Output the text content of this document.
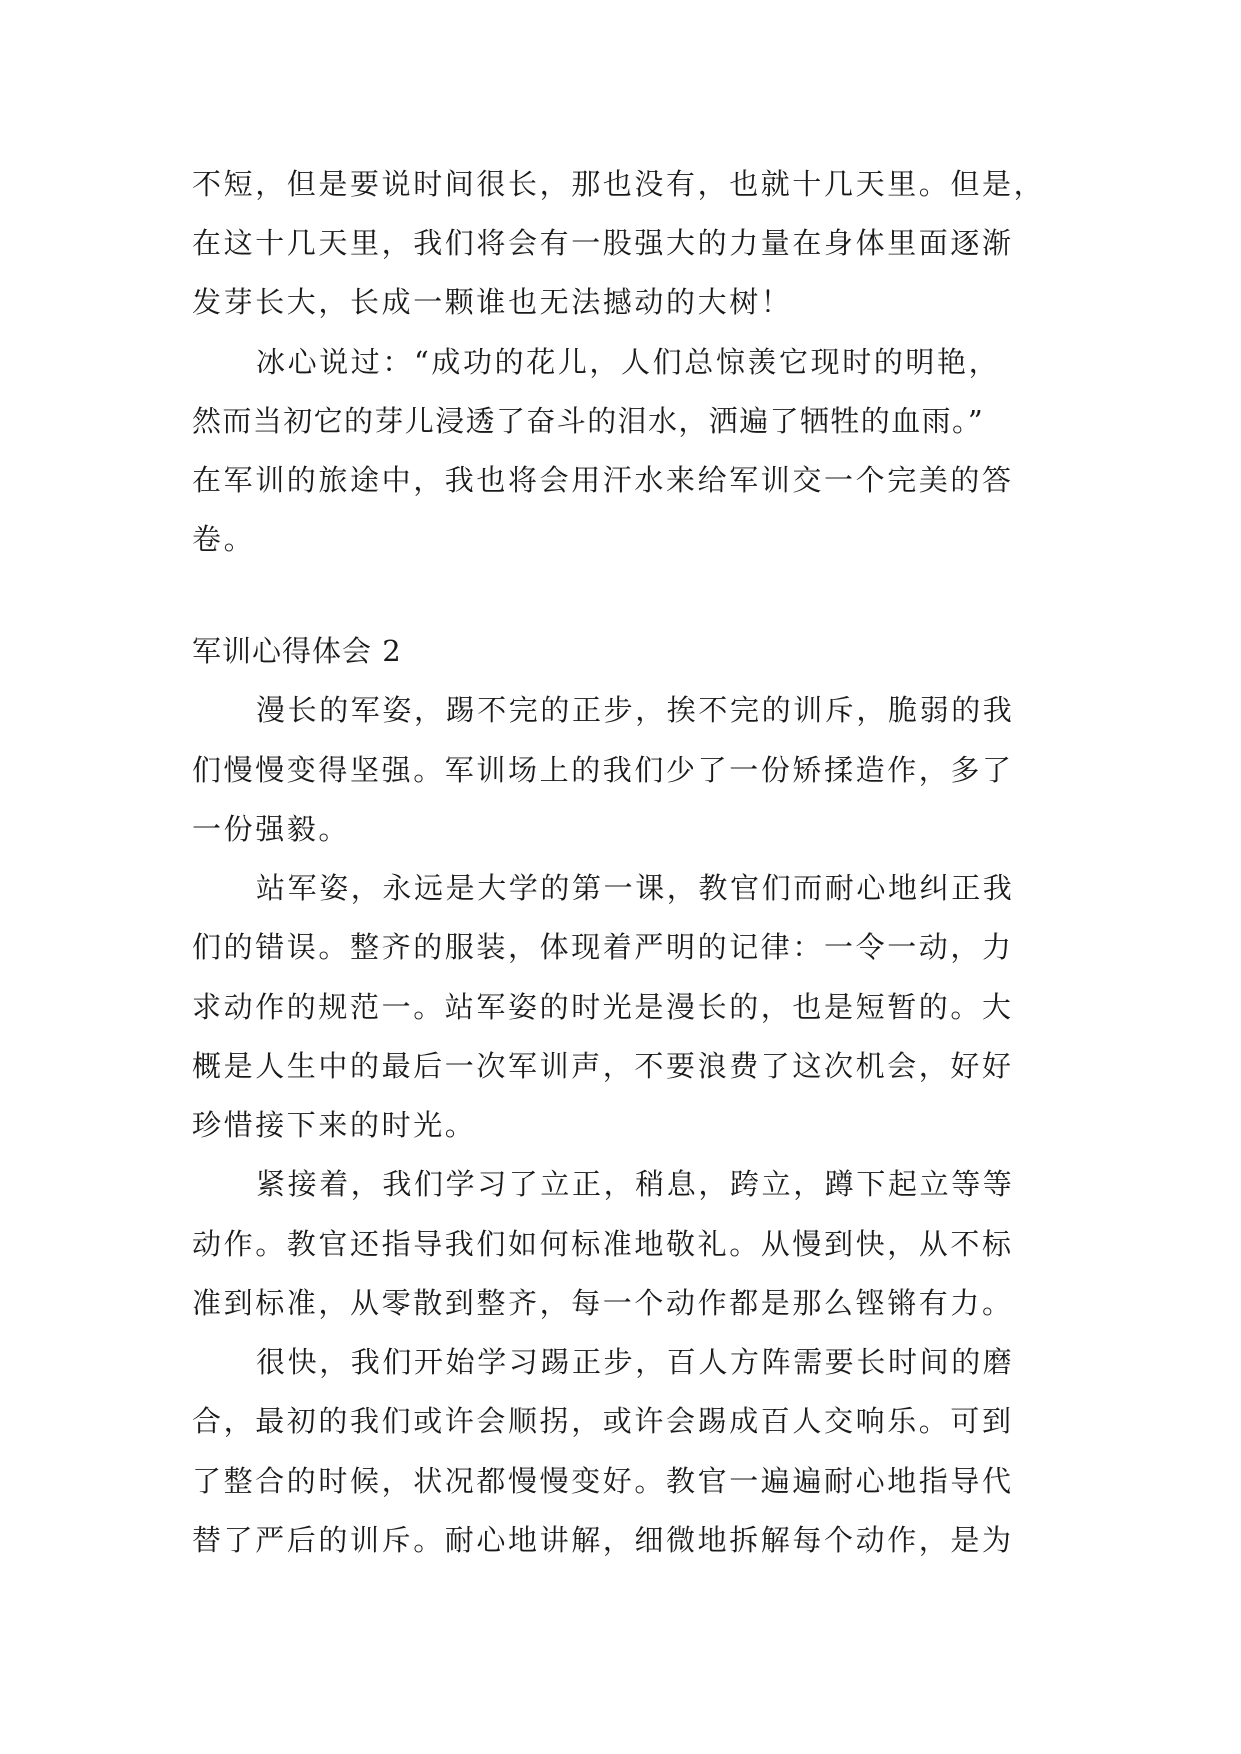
不短，但是要说时间很长，那也没有，也就十几天里。但是，
在这十几天里，我们将会有一股强大的力量在身体里面逐渐
发芽长大，长成一颗谁也无法撼动的大树！
冰心说过：“成功的花儿，人们总惊羡它现时的明艳，
然而当初它的芽儿浸透了奋斗的泪水，洒遍了牺牲的血雨。”
在军训的旅途中，我也将会用汗水来给军训交一个完美的答
卷。
军训心得体会 2
漫长的军姿，踢不完的正步，挨不完的训斥，脆弱的我
们慢慢变得坚强。军训场上的我们少了一份矫揉造作，多了
一份强毅。
站军姿，永远是大学的第一课，教官们而耐心地纠正我
们的错误。整齐的服装，体现着严明的记律：一令一动，力
求动作的规范一。站军姿的时光是漫长的，也是短暂的。大
概是人生中的最后一次军训声，不要浪费了这次机会，好好
珍惜接下来的时光。
紧接着，我们学习了立正，稍息，跨立，蹲下起立等等
动作。教官还指导我们如何标准地敬礼。从慢到快，从不标
准到标准，从零散到整齐，每一个动作都是那么铿锵有力。
很快，我们开始学习踢正步，百人方阵需要长时间的磨
合，最初的我们或许会顺拐，或许会踢成百人交响乐。可到
了整合的时候，状况都慢慢变好。教官一遍遍耐心地指导代
替了严后的训斥。耐心地讲解，细微地拆解每个动作，是为
